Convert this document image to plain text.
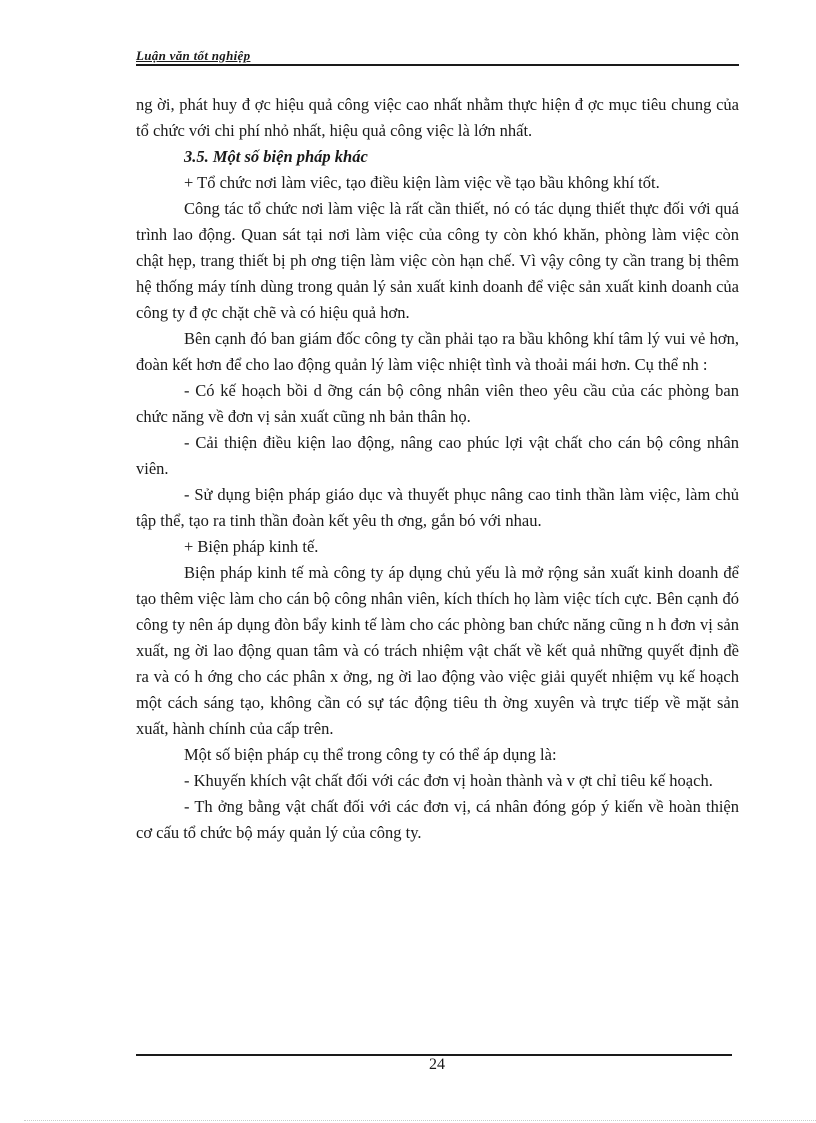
Luận văn tốt nghiệp

ng ời, phát huy đ ợc hiệu quả công việc cao nhất nhằm thực hiện đ ợc mục tiêu chung của tổ chức với chi phí nhỏ nhất, hiệu quả công việc là lớn nhất.

3.5. Một số biện pháp khác

+ Tổ chức nơi làm viêc, tạo điều kiện làm việc về tạo bầu không khí tốt.

Công tác tổ chức nơi làm việc là rất cần thiết, nó có tác dụng thiết thực đối với quá trình lao động. Quan sát tại nơi làm việc của công ty còn khó khăn, phòng làm việc còn chật hẹp, trang thiết bị ph ơng tiện làm việc còn hạn chế. Vì vậy công ty cần trang bị thêm hệ thống máy tính dùng trong quản lý sản xuất kinh doanh để việc sản xuất kinh doanh của công ty đ ợc chặt chẽ và có hiệu quả hơn.

Bên cạnh đó ban giám đốc công ty cần phải tạo ra bầu không khí tâm lý vui vẻ hơn, đoàn kết hơn để cho lao động quản lý làm việc nhiệt tình và thoải mái hơn. Cụ thể nh :

- Có kế hoạch bồi d ỡng cán bộ công nhân viên theo yêu cầu của các phòng ban chức năng về đơn vị sản xuất cũng nh bản thân họ.

- Cải thiện điều kiện lao động, nâng cao phúc lợi vật chất cho cán bộ công nhân viên.

- Sử dụng biện pháp giáo dục và thuyết phục nâng cao tinh thần làm việc, làm chủ tập thể, tạo ra tinh thần đoàn kết yêu th ơng, gắn bó với nhau.

+ Biện pháp kinh tế.

Biện pháp kinh tế mà công ty áp dụng chủ yếu là mở rộng sản xuất kinh doanh để tạo thêm việc làm cho cán bộ công nhân viên, kích thích họ làm việc tích cực. Bên cạnh đó công ty nên áp dụng đòn bẩy kinh tế làm cho các phòng ban chức năng cũng n h đơn vị sản xuất, ng ời lao động quan tâm và có trách nhiệm vật chất về kết quả những quyết định đề ra và có h ớng cho các phân x ởng, ng ời lao động vào việc giải quyết nhiệm vụ kế hoạch một cách sáng tạo, không cần có sự tác động tiêu th ờng xuyên và trực tiếp về mặt sản xuất, hành chính của cấp trên.

Một số biện pháp cụ thể trong công ty có thể áp dụng là:

- Khuyến khích vật chất đối với các đơn vị hoàn thành và v ợt chỉ tiêu kế hoạch.

- Th ởng bằng vật chất đối với các đơn vị, cá nhân đóng góp ý kiến về hoàn thiện cơ cấu tổ chức bộ máy quản lý của công ty.

24
